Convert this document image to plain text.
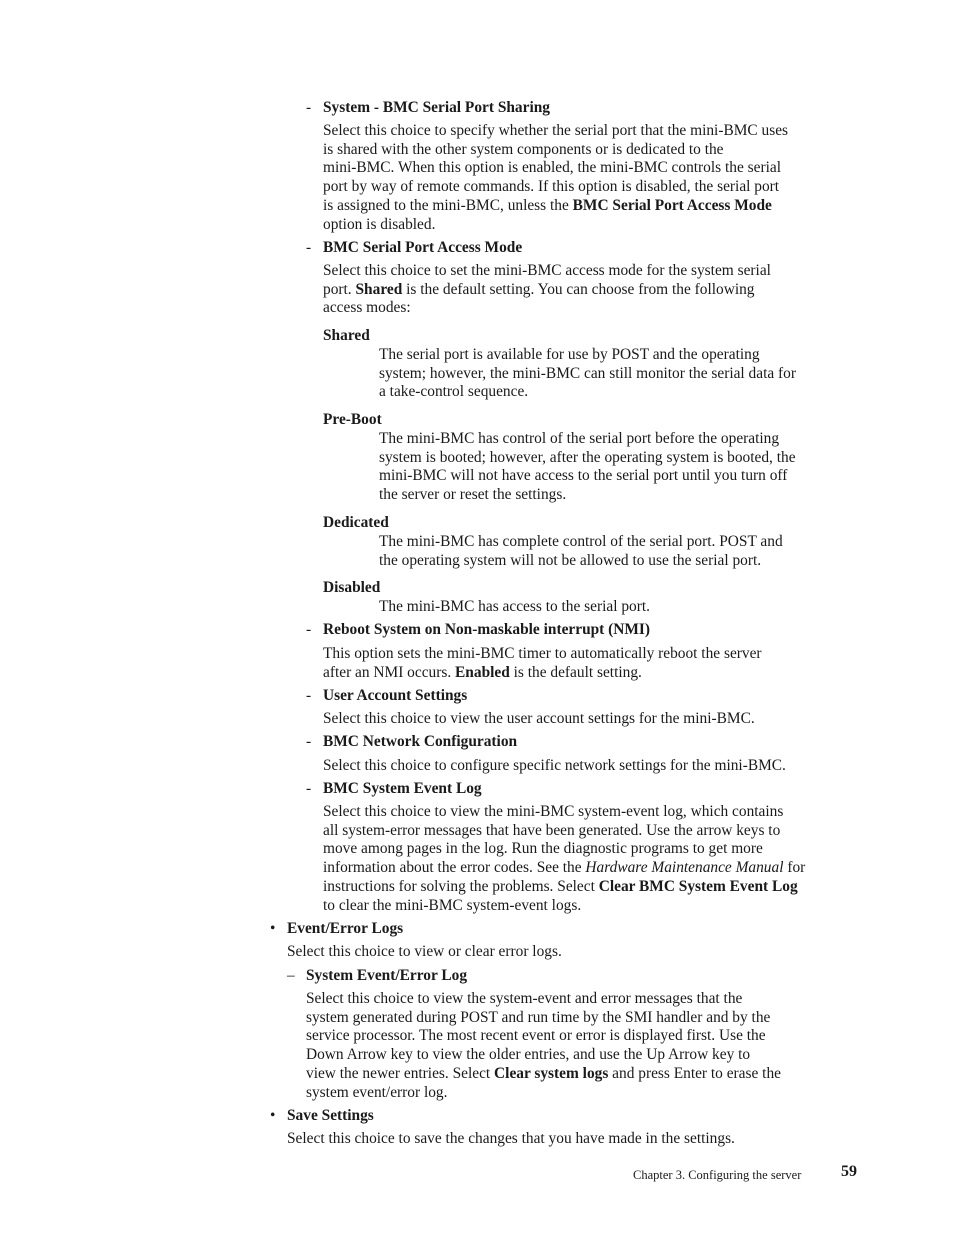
- System - BMC Serial Port Sharing
Select this choice to specify whether the serial port that the mini-BMC uses
is shared with the other system components or is dedicated to the
mini-BMC. When this option is enabled, the mini-BMC controls the serial
port by way of remote commands. If this option is disabled, the serial port
is assigned to the mini-BMC, unless the BMC Serial Port Access Mode
option is disabled.
- BMC Serial Port Access Mode
Select this choice to set the mini-BMC access mode for the system serial
port. Shared is the default setting. You can choose from the following
access modes:
Shared
The serial port is available for use by POST and the operating
system; however, the mini-BMC can still monitor the serial data for
a take-control sequence.
Pre-Boot
The mini-BMC has control of the serial port before the operating
system is booted; however, after the operating system is booted, the
mini-BMC will not have access to the serial port until you turn off
the server or reset the settings.
Dedicated
The mini-BMC has complete control of the serial port. POST and
the operating system will not be allowed to use the serial port.
Disabled
The mini-BMC has access to the serial port.
- Reboot System on Non-maskable interrupt (NMI)
This option sets the mini-BMC timer to automatically reboot the server
after an NMI occurs. Enabled is the default setting.
- User Account Settings
Select this choice to view the user account settings for the mini-BMC.
- BMC Network Configuration
Select this choice to configure specific network settings for the mini-BMC.
- BMC System Event Log
Select this choice to view the mini-BMC system-event log, which contains
all system-error messages that have been generated. Use the arrow keys to
move among pages in the log. Run the diagnostic programs to get more
information about the error codes. See the Hardware Maintenance Manual for
instructions for solving the problems. Select Clear BMC System Event Log
to clear the mini-BMC system-event logs.
• Event/Error Logs
Select this choice to view or clear error logs.
– System Event/Error Log
Select this choice to view the system-event and error messages that the
system generated during POST and run time by the SMI handler and by the
service processor. The most recent event or error is displayed first. Use the
Down Arrow key to view the older entries, and use the Up Arrow key to
view the newer entries. Select Clear system logs and press Enter to erase the
system event/error log.
• Save Settings
Select this choice to save the changes that you have made in the settings.
Chapter 3. Configuring the server 59
